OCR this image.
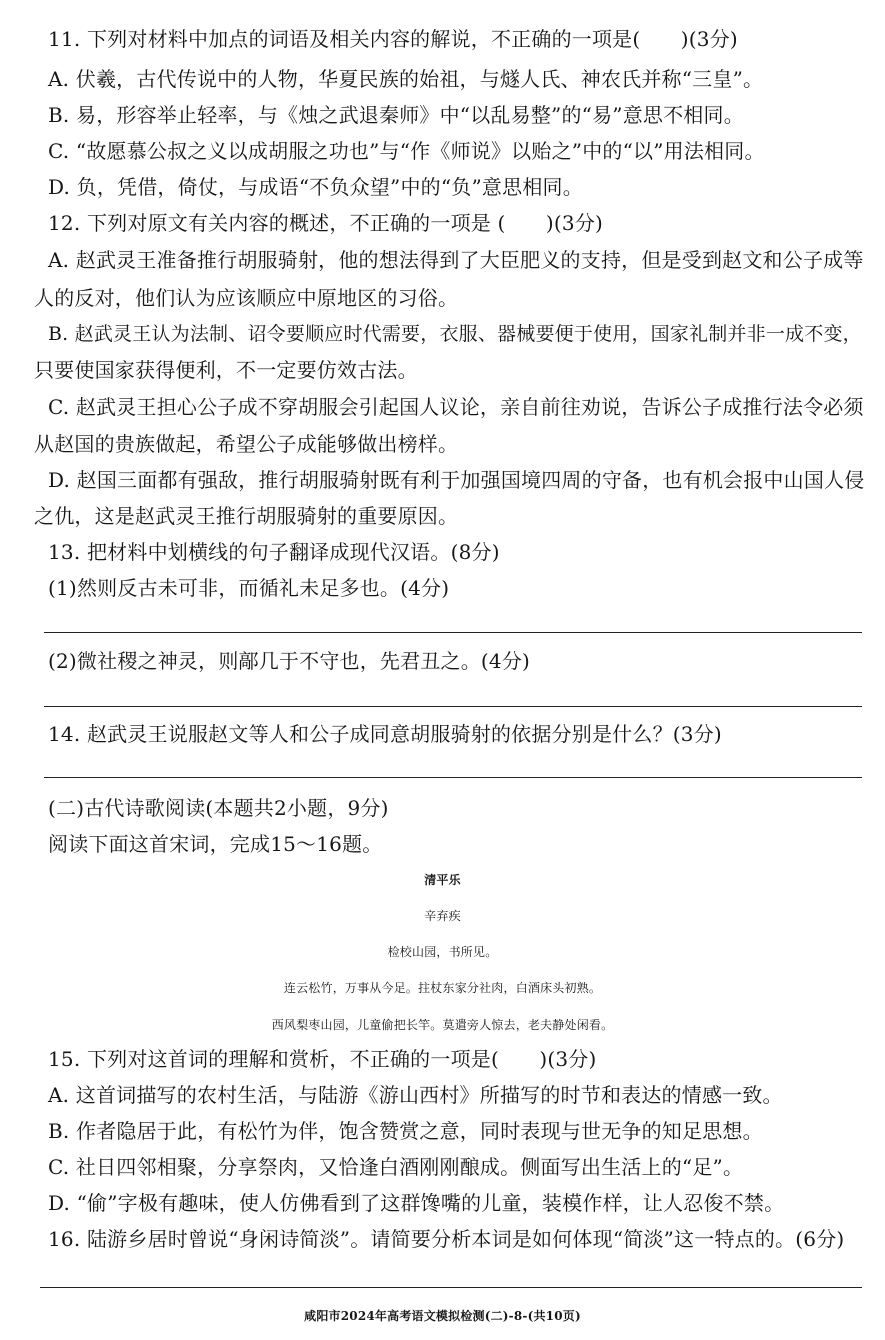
11. 下列对材料中加点的词语及相关内容的解说，不正确的一项是(　　)(3分)
A. 伏羲，古代传说中的人物，华夏民族的始祖，与燧人氏、神农氏并称“三皇”。
B. 易，形容举止轻率，与《烛之武退秦师》中“以乱易整”的“易”意思不相同。
C. “故愿慕公叔之义以成胡服之功也”与“作《师说》以贻之”中的“以”用法相同。
D. 负，凭借，倚仗，与成语“不负众望”中的“负”意思相同。
12. 下列对原文有关内容的概述，不正确的一项是 (　　)(3分)
A. 赵武灵王准备推行胡服骑射，他的想法得到了大臣肥义的支持，但是受到赵文和公子成等
人的反对，他们认为应该顺应中原地区的习俗。
B. 赵武灵王认为法制、诏令要顺应时代需要，衣服、器械要便于使用，国家礼制并非一成不变，
只要使国家获得便利，不一定要仿效古法。
C. 赵武灵王担心公子成不穿胡服会引起国人议论，亲自前往劝说，告诉公子成推行法令必须
从赵国的贵族做起，希望公子成能够做出榜样。
D. 赵国三面都有强敌，推行胡服骑射既有利于加强国境四周的守备，也有机会报中山国人侵
之仇，这是赵武灵王推行胡服骑射的重要原因。
13. 把材料中划横线的句子翻译成现代汉语。(8分)
(1)然则反古未可非，而循礼未足多也。(4分)
(2)微社稷之神灵，则鄗几于不守也，先君丑之。(4分)
14. 赵武灵王说服赵文等人和公子成同意胡服骑射的依据分别是什么？(3分)
(二)古代诗歌阅读(本题共2小题，9分)
阅读下面这首宋词，完成15～16题。
清平乐
辛弃疾
检校山园，书所见。
连云松竹，万事从今足。拄杖东家分社肉，白酒床头初熟。
西风梨枣山园，儿童偷把长竿。莫遣旁人惊去，老夫静处闲看。
15. 下列对这首词的理解和赏析，不正确的一项是(　　)(3分)
A. 这首词描写的农村生活，与陆游《游山西村》所描写的时节和表达的情感一致。
B. 作者隐居于此，有松竹为伴，饱含赞赏之意，同时表现与世无争的知足思想。
C. 社日四邻相聚，分享祭肉，又恰逢白酒刚刚酿成。侧面写出生活上的“足”。
D. “偷”字极有趣味，使人仿佛看到了这群馋嘴的儿童，装模作样，让人忍俊不禁。
16. 陆游乡居时曾说“身闲诗简淡”。请简要分析本词是如何体现“简淡”这一特点的。(6分)
咸阳市2024年高考语文模拟检测(二)-8-(共10页)
